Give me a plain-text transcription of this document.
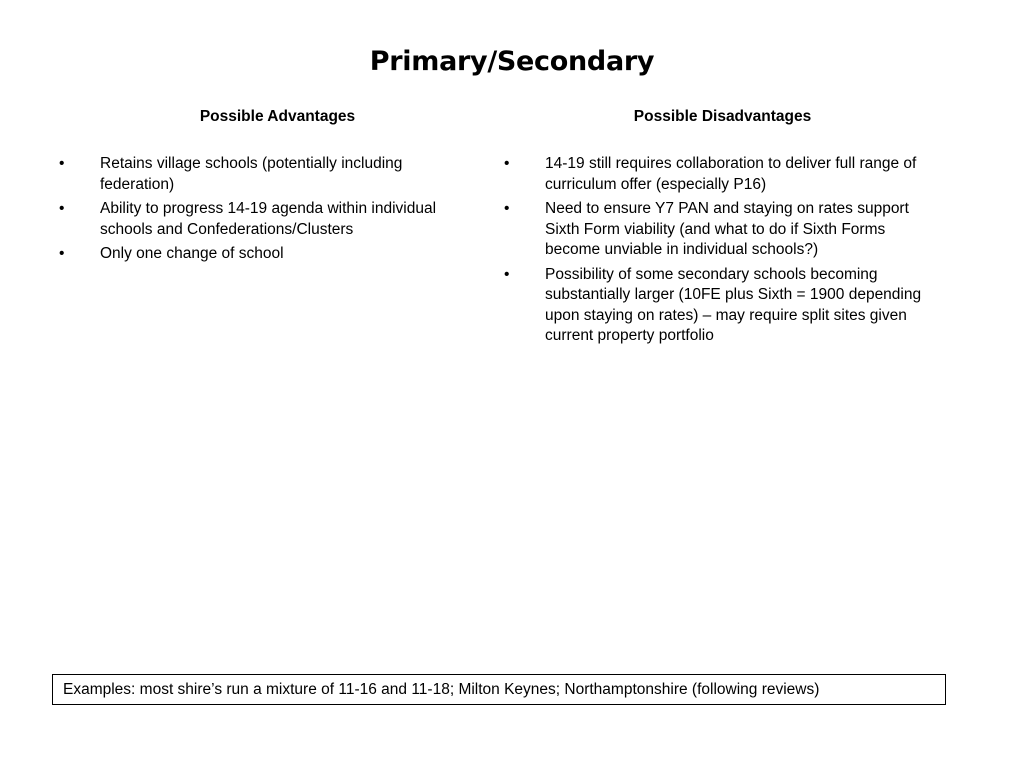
Primary/Secondary
Possible Advantages
• Retains village schools (potentially including federation)
• Ability to progress 14-19 agenda within individual schools and Confederations/Clusters
• Only one change of school
Possible Disadvantages
• 14-19 still requires collaboration to deliver full range of curriculum offer (especially P16)
• Need to ensure Y7 PAN and staying on rates support Sixth Form viability (and what to do if Sixth Forms become unviable in individual schools?)
• Possibility of some secondary schools becoming substantially larger (10FE plus Sixth = 1900 depending upon staying on rates) – may require split sites given current property portfolio
Examples: most shire’s run a mixture of 11-16 and 11-18; Milton Keynes; Northamptonshire (following reviews)
